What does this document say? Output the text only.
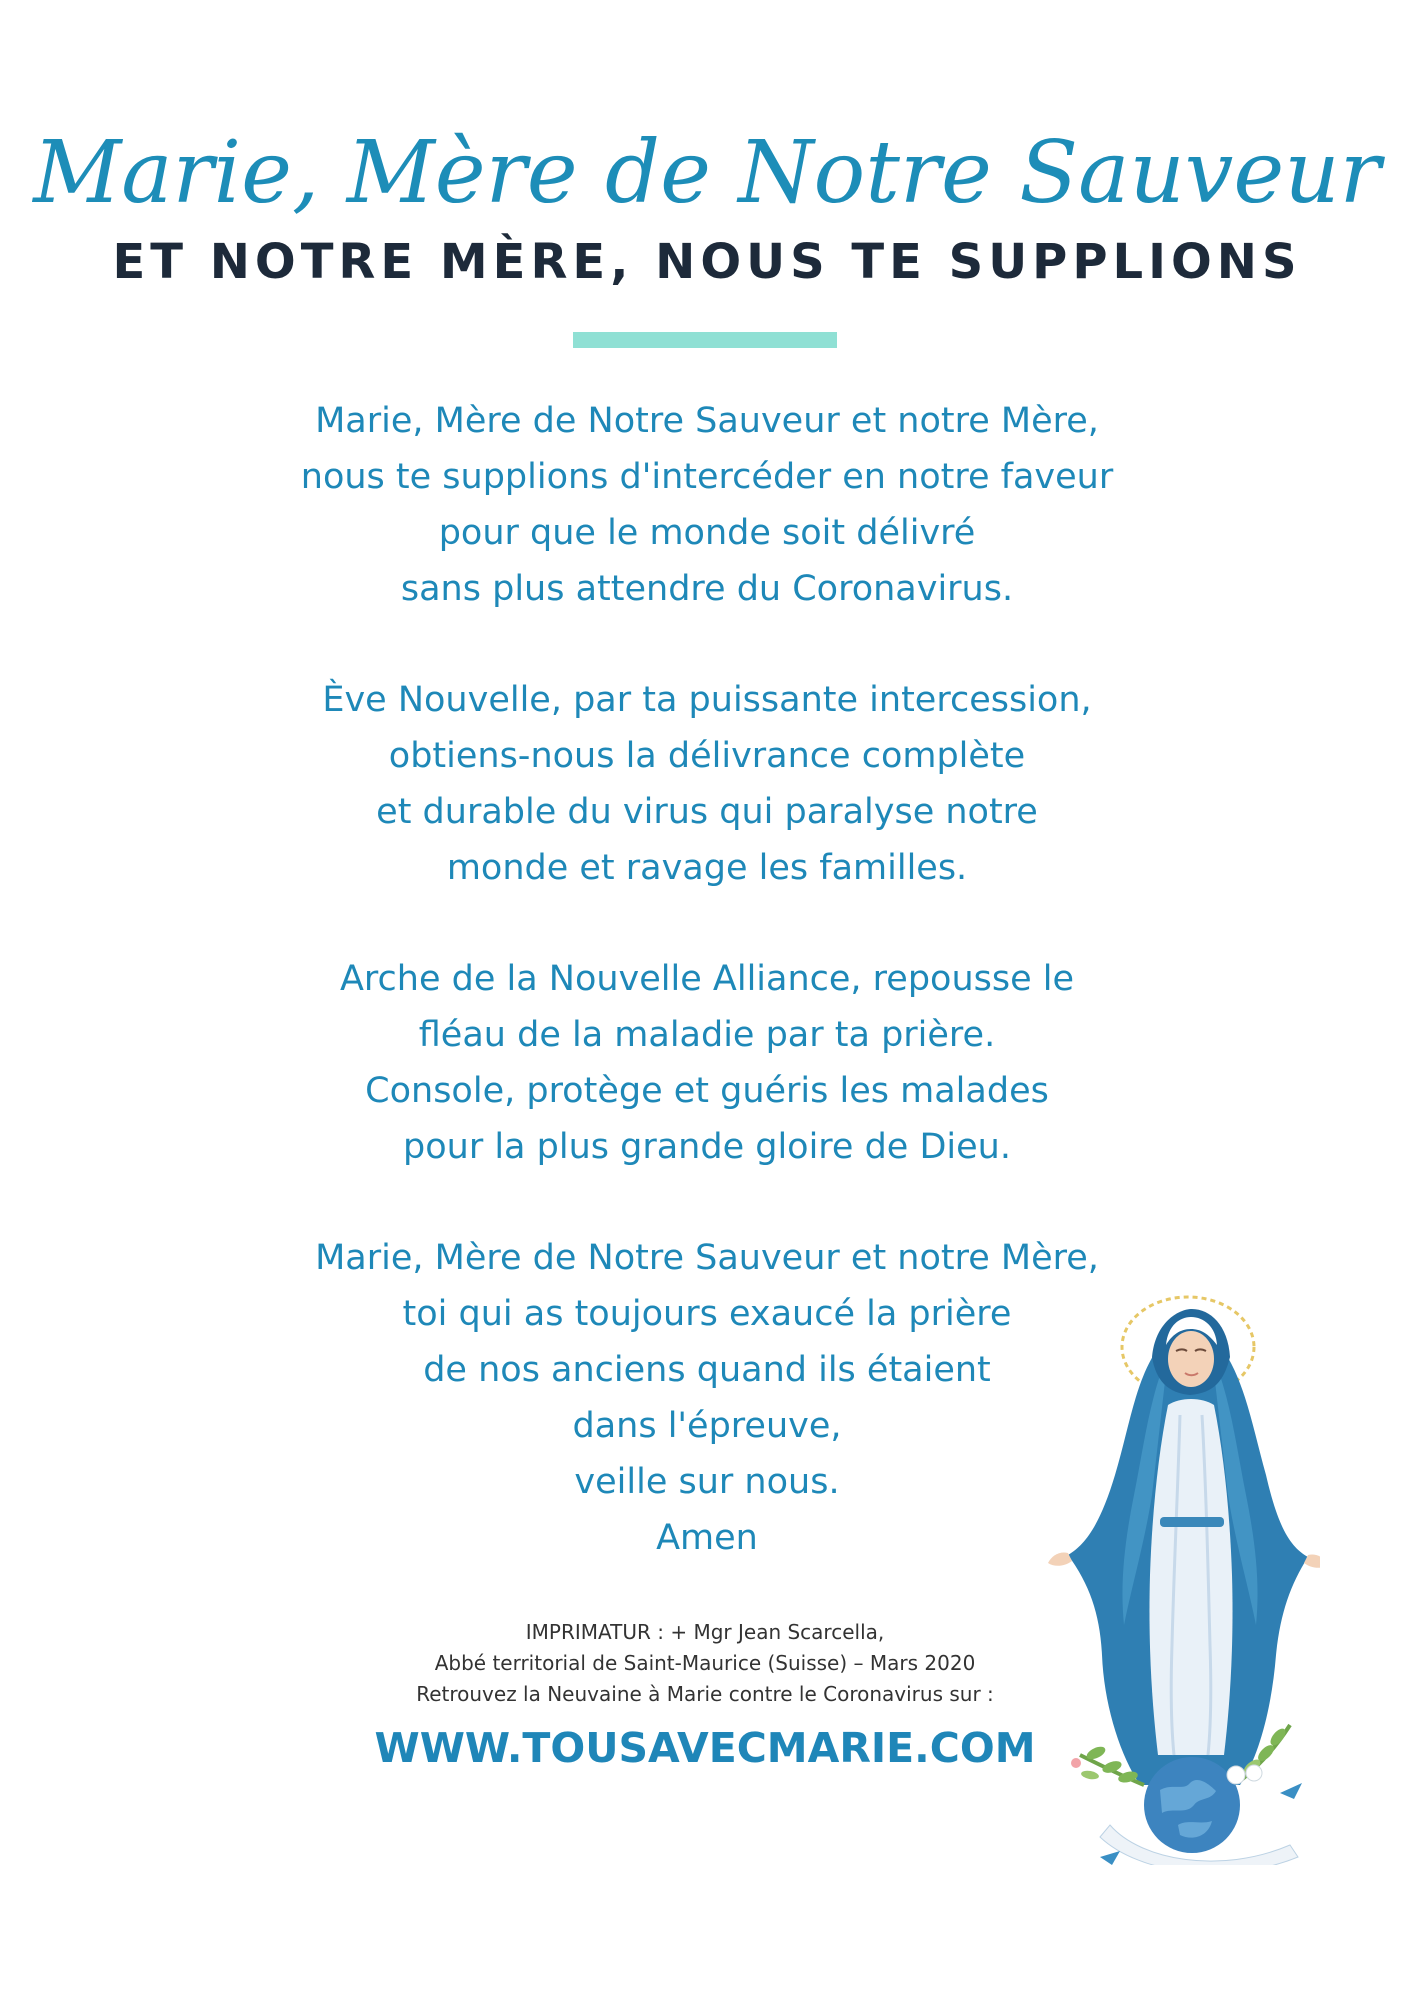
Marie, Mère de Notre Sauveur
ET NOTRE MÈRE, NOUS TE SUPPLIONS
Marie, Mère de Notre Sauveur et notre Mère,
nous te supplions d'intercéder en notre faveur
pour que le monde soit délivré
sans plus attendre du Coronavirus.
Ève Nouvelle, par ta puissante intercession,
obtiens-nous la délivrance complète
et durable du virus qui paralyse notre
monde et ravage les familles.
Arche de la Nouvelle Alliance, repousse le
fléau de la maladie par ta prière.
Console, protège et guéris les malades
pour la plus grande gloire de Dieu.
Marie, Mère de Notre Sauveur et notre Mère,
toi qui as toujours exaucé la prière
de nos anciens quand ils étaient
dans l'épreuve,
veille sur nous.
Amen
IMPRIMATUR : + Mgr Jean Scarcella,
Abbé territorial de Saint-Maurice (Suisse) – Mars 2020
Retrouvez la Neuvaine à Marie contre le Coronavirus sur :
WWW.TOUSAVECMARIE.COM
